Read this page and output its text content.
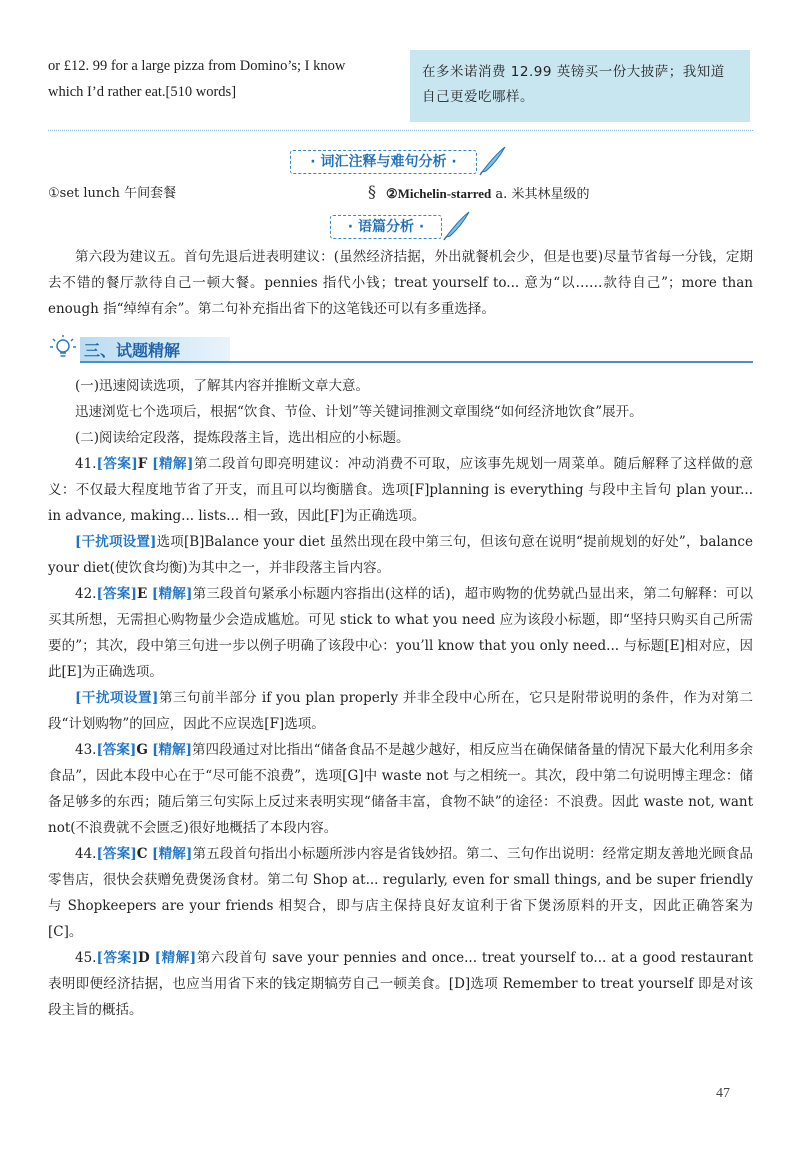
or £12. 99 for a large pizza from Domino’s; I know
which I’d rather eat.[510 words]
在多米诺消费 12.99 英镑买一份大披萨；我知道自己更爱吃哪样。
· 词汇注释与难句分析 ·
①set lunch 午间套餐	§ ②Michelin-starred a. 米其林星级的
· 语篇分析 ·
第六段为建议五。首句先退后进表明建议：(虽然经济拮据，外出就餐机会少，但是也要)尽量节省每一分钱，定期去不错的餐厅款待自己一顿大餐。pennies 指代小钱；treat yourself to... 意为“以……款待自己”；more than enough 指“绰绰有余”。第二句补充指出省下的这笔钱还可以有多重选择。
三、试题精解
(一)迅速阅读选项，了解其内容并推断文章大意。
迅速浏览七个选项后，根据“饮食、节俭、计划”等关键词推测文章围绕“如何经济地饮食”展开。
(二)阅读给定段落，提炼段落主旨，选出相应的小标题。
41.[答案]F [精解]第二段首句即亮明建议：冲动消费不可取，应该事先规划一周菜单。随后解释了这样做的意义：不仅最大程度地节省了开支，而且可以均衡膳食。选项[F]planning is everything 与段中主旨句 plan your... in advance, making... lists... 相一致，因此[F]为正确选项。
[干扰项设置]选项[B]Balance your diet 虽然出现在段中第三句，但该句意在说明“提前规划的好处”，balance your diet(使饮食均衡)为其中之一，并非段落主旨内容。
42.[答案]E [精解]第三段首句紧承小标题内容指出(这样的话)，超市购物的优势就凸显出来，第二句解释：可以买其所想，无需担心购物量少会造成尴尬。可见 stick to what you need 应为该段小标题，即“坚持只购买自己所需要的”；其次，段中第三句进一步以例子明确了该段中心：you’ll know that you only need... 与标题[E]相对应，因此[E]为正确选项。
[干扰项设置]第三句前半部分 if you plan properly 并非全段中心所在，它只是附带说明的条件，作为对第二段“计划购物”的回应，因此不应误选[F]选项。
43.[答案]G [精解]第四段通过对比指出“储备食品不是越少越好，相反应当在确保储备量的情况下最大化利用多余食品”，因此本段中心在于“尽可能不浪费”，选项[G]中 waste not 与之相统一。其次，段中第二句说明博主理念：储备足够多的东西；随后第三句实际上反过来表明实现“储备丰富，食物不缺”的途径：不浪费。因此 waste not, want not(不浪费就不会匮乏)很好地概括了本段内容。
44.[答案]C [精解]第五段首句指出小标题所涉内容是省钱妙招。第二、三句作出说明：经常定期友善地光顾食品零售店，很快会获赠免费煲汤食材。第二句 Shop at... regularly, even for small things, and be super friendly 与 Shopkeepers are your friends 相契合，即与店主保持良好友谊利于省下煲汤原料的开支，因此正确答案为[C]。
45.[答案]D [精解]第六段首句 save your pennies and once... treat yourself to... at a good restaurant 表明即便经济拮据，也应当用省下来的钱定期犒劳自己一顿美食。[D]选项 Remember to treat yourself 即是对该段主旨的概括。
47
